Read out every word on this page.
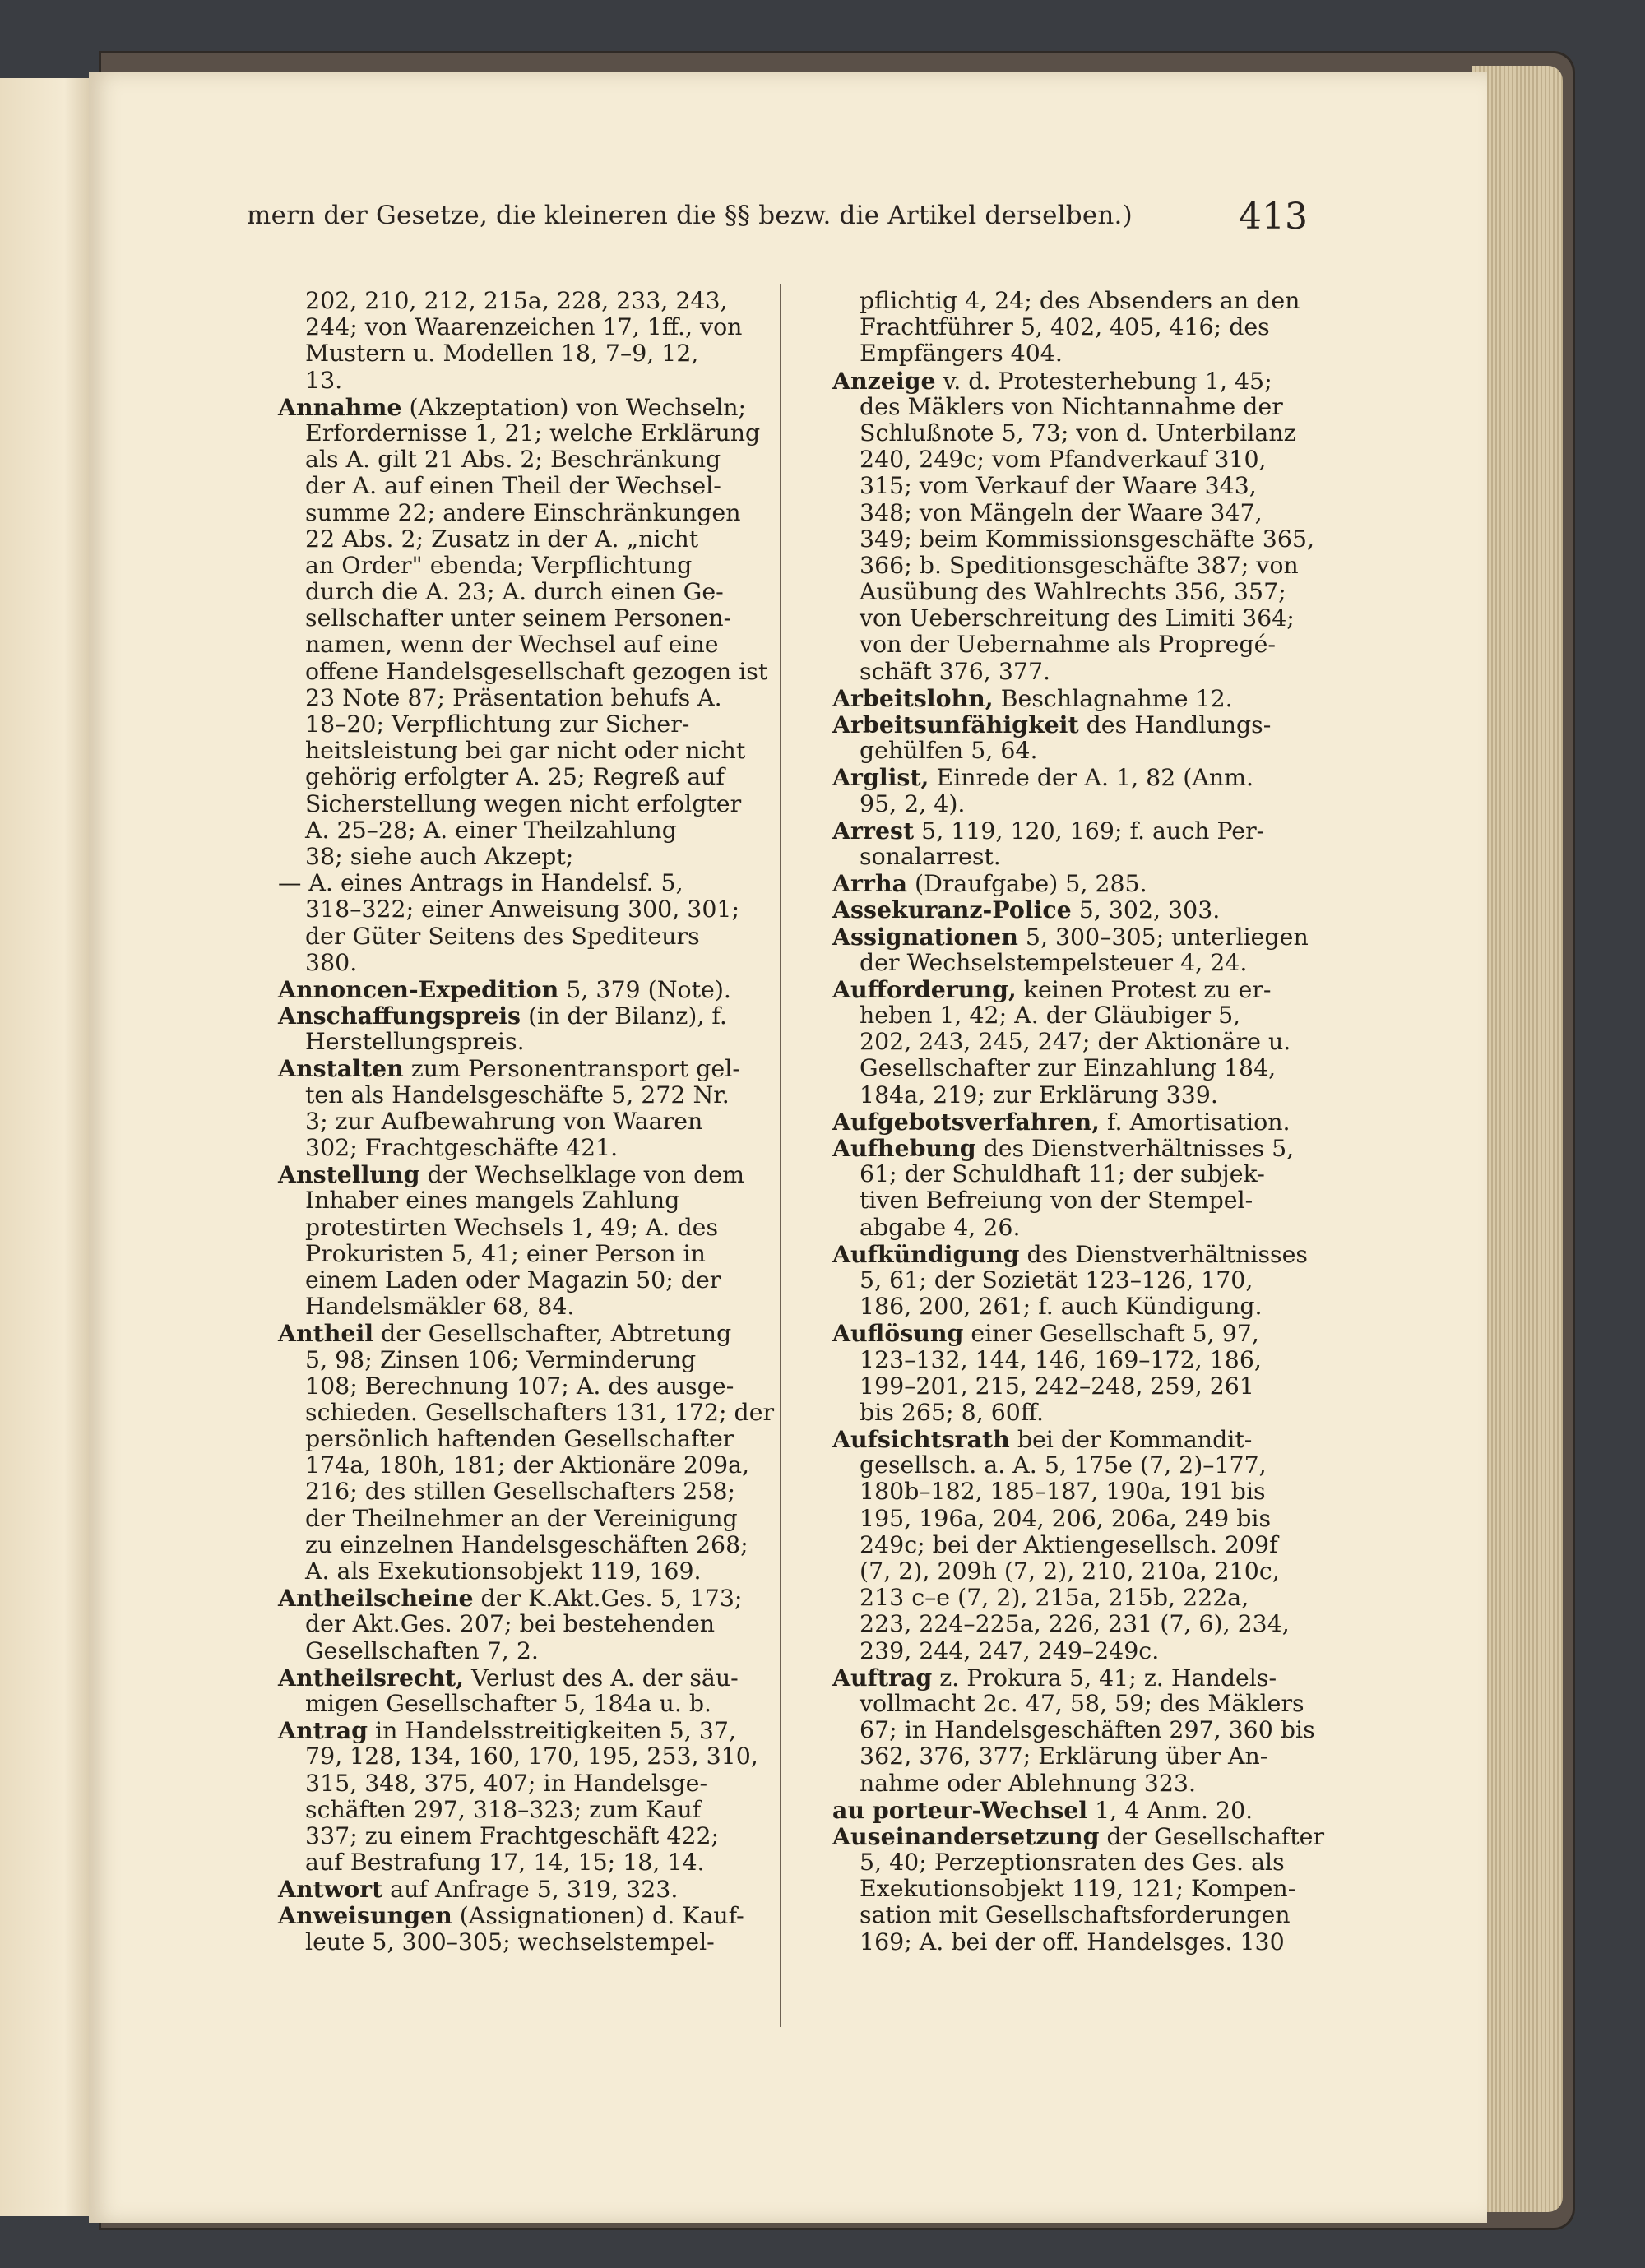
mern der Gesetze, die kleineren die §§ bezw. die Artikel derselben.)	413
202, 210, 212, 215a, 228, 233, 243,
244; von Waarenzeichen 17, 1ff., von
Mustern u. Modellen 18, 7–9, 12,
13.
Annahme (Akzeptation) von Wechseln;
Erfordernisse 1, 21; welche Erklärung
als A. gilt 21 Abs. 2; Beschränkung
der A. auf einen Theil der Wechsel-
summe 22; andere Einschränkungen
22 Abs. 2; Zusatz in der A. „nicht
an Order" ebenda; Verpflichtung
durch die A. 23; A. durch einen Ge-
sellschafter unter seinem Personen-
namen, wenn der Wechsel auf eine
offene Handelsgesellschaft gezogen ist
23 Note 87; Präsentation behufs A.
18–20; Verpflichtung zur Sicher-
heitsleistung bei gar nicht oder nicht
gehörig erfolgter A. 25; Regreß auf
Sicherstellung wegen nicht erfolgter
A. 25–28; A. einer Theilzahlung
38; siehe auch Akzept;
— A. eines Antrags in Handelsf. 5,
318–322; einer Anweisung 300, 301;
der Güter Seitens des Spediteurs
380.
Annoncen-Expedition 5, 379 (Note).
Anschaffungspreis (in der Bilanz), f.
Herstellungspreis.
Anstalten zum Personentransport gel-
ten als Handelsgeschäfte 5, 272 Nr.
3; zur Aufbewahrung von Waaren
302; Frachtgeschäfte 421.
Anstellung der Wechselklage von dem
Inhaber eines mangels Zahlung
protestirten Wechsels 1, 49; A. des
Prokuristen 5, 41; einer Person in
einem Laden oder Magazin 50; der
Handelsmäkler 68, 84.
Antheil der Gesellschafter, Abtretung
5, 98; Zinsen 106; Verminderung
108; Berechnung 107; A. des ausge-
schieden. Gesellschafters 131, 172; der
persönlich haftenden Gesellschafter
174a, 180h, 181; der Aktionäre 209a,
216; des stillen Gesellschafters 258;
der Theilnehmer an der Vereinigung
zu einzelnen Handelsgeschäften 268;
A. als Exekutionsobjekt 119, 169.
Antheilscheine der K.Akt.Ges. 5, 173;
der Akt.Ges. 207; bei bestehenden
Gesellschaften 7, 2.
Antheilsrecht, Verlust des A. der säu-
migen Gesellschafter 5, 184a u. b.
Antrag in Handelsstreitigkeiten 5, 37,
79, 128, 134, 160, 170, 195, 253, 310,
315, 348, 375, 407; in Handelsge-
schäften 297, 318–323; zum Kauf
337; zu einem Frachtgeschäft 422;
auf Bestrafung 17, 14, 15; 18, 14.
Antwort auf Anfrage 5, 319, 323.
Anweisungen (Assignationen) d. Kauf-
leute 5, 300–305; wechselstempel-
pflichtig 4, 24; des Absenders an den
Frachtführer 5, 402, 405, 416; des
Empfängers 404.
Anzeige v. d. Protesterhebung 1, 45;
des Mäklers von Nichtannahme der
Schlußnote 5, 73; von d. Unterbilanz
240, 249c; vom Pfandverkauf 310,
315; vom Verkauf der Waare 343,
348; von Mängeln der Waare 347,
349; beim Kommissionsgeschäfte 365,
366; b. Speditionsgeschäfte 387; von
Ausübung des Wahlrechts 356, 357;
von Ueberschreitung des Limiti 364;
von der Uebernahme als Propregé-
schäft 376, 377.
Arbeitslohn, Beschlagnahme 12.
Arbeitsunfähigkeit des Handlungs-
gehülfen 5, 64.
Arglist, Einrede der A. 1, 82 (Anm.
95, 2, 4).
Arrest 5, 119, 120, 169; f. auch Per-
sonalarrest.
Arrha (Draufgabe) 5, 285.
Assekuranz-Police 5, 302, 303.
Assignationen 5, 300–305; unterliegen
der Wechselstempelsteuer 4, 24.
Aufforderung, keinen Protest zu er-
heben 1, 42; A. der Gläubiger 5,
202, 243, 245, 247; der Aktionäre u.
Gesellschafter zur Einzahlung 184,
184a, 219; zur Erklärung 339.
Aufgebotsverfahren, f. Amortisation.
Aufhebung des Dienstverhältnisses 5,
61; der Schuldhaft 11; der subjek-
tiven Befreiung von der Stempel-
abgabe 4, 26.
Aufkündigung des Dienstverhältnisses
5, 61; der Sozietät 123–126, 170,
186, 200, 261; f. auch Kündigung.
Auflösung einer Gesellschaft 5, 97,
123–132, 144, 146, 169–172, 186,
199–201, 215, 242–248, 259, 261
bis 265; 8, 60ff.
Aufsichtsrath bei der Kommandit-
gesellsch. a. A. 5, 175e (7, 2)–177,
180b–182, 185–187, 190a, 191 bis
195, 196a, 204, 206, 206a, 249 bis
249c; bei der Aktiengesellsch. 209f
(7, 2), 209h (7, 2), 210, 210a, 210c,
213 c–e (7, 2), 215a, 215b, 222a,
223, 224–225a, 226, 231 (7, 6), 234,
239, 244, 247, 249–249c.
Auftrag z. Prokura 5, 41; z. Handels-
vollmacht 2c. 47, 58, 59; des Mäklers
67; in Handelsgeschäften 297, 360 bis
362, 376, 377; Erklärung über An-
nahme oder Ablehnung 323.
au porteur-Wechsel 1, 4 Anm. 20.
Auseinandersetzung der Gesellschafter
5, 40; Perzeptionsraten des Ges. als
Exekutionsobjekt 119, 121; Kompen-
sation mit Gesellschaftsforderungen
169; A. bei der off. Handelsges. 130
